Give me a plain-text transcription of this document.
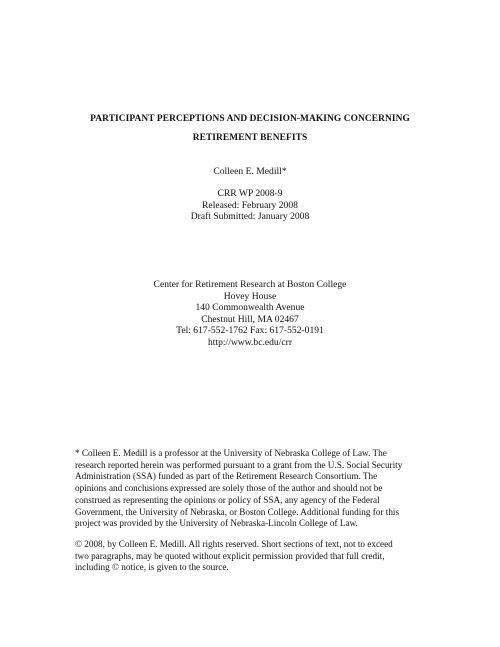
PARTICIPANT PERCEPTIONS AND DECISION-MAKING CONCERNING
RETIREMENT BENEFITS
Colleen E. Medill*
CRR WP 2008-9
Released: February 2008
Draft Submitted: January 2008
Center for Retirement Research at Boston College
Hovey House
140 Commonwealth Avenue
Chestnut Hill, MA 02467
Tel: 617-552-1762 Fax: 617-552-0191
http://www.bc.edu/crr
* Colleen E. Medill is a professor at the University of Nebraska College of Law. The
research reported herein was performed pursuant to a grant from the U.S. Social Security
Administration (SSA) funded as part of the Retirement Research Consortium. The
opinions and conclusions expressed are solely those of the author and should not be
construed as representing the opinions or policy of SSA, any agency of the Federal
Government, the University of Nebraska, or Boston College. Additional funding for this
project was provided by the University of Nebraska-Lincoln College of Law.
© 2008, by Colleen E. Medill. All rights reserved. Short sections of text, not to exceed
two paragraphs, may be quoted without explicit permission provided that full credit,
including © notice, is given to the source.
